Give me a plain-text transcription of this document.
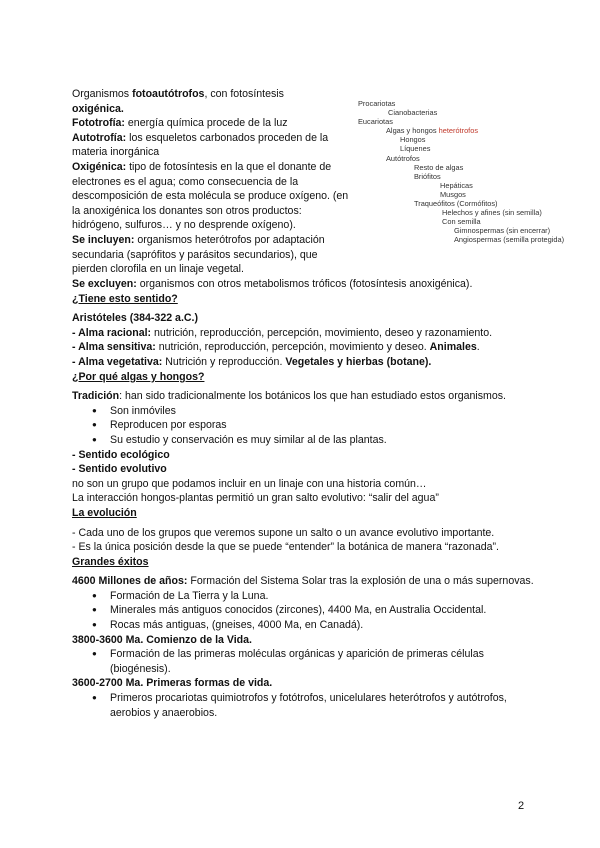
Organismos fotoautótrofos, con fotosíntesis

oxigénica.

Fototrofía: energía química procede de la luz

Autotrofía: los esqueletos carbonados proceden de la materia inorgánica

Oxigénica: tipo de fotosíntesis en la que el donante de electrones es el agua; como consecuencia de la descomposición de esta molécula se produce oxígeno. (en la anoxigénica los donantes son otros productos: hidrógeno, sulfuros… y no desprende oxígeno).

Se incluyen: organismos heterótrofos por adaptación secundaria (saprófitos y parásitos secundarios), que pierden clorofila en un linaje vegetal.

Procariotas
Cianobacterias
Eucariotas
Algas y hongos heterótrofos
Hongos
Líquenes
Autótrofos
Resto de algas
Briófitos
Hepáticas
Musgos
Traqueófitos (Cormófitos)
Helechos y afines (sin semilla)
Con semilla
Gimnospermas (sin encerrar)
Angiospermas (semilla protegida)

Se excluyen: organismos con otros metabolismos tróficos (fotosíntesis anoxigénica).

¿Tiene esto sentido?

Aristóteles (384-322 a.C.)

- Alma racional: nutrición, reproducción, percepción, movimiento, deseo y razonamiento.

- Alma sensitiva: nutrición, reproducción, percepción, movimiento y deseo. Animales.

- Alma vegetativa: Nutrición y reproducción. Vegetales y hierbas (botane).

¿Por qué algas y hongos?

Tradición: han sido tradicionalmente los botánicos los que han estudiado estos organismos.

● Son inmóviles
● Reproducen por esporas
● Su estudio y conservación es muy similar al de las plantas.

- Sentido ecológico

- Sentido evolutivo

no son un grupo que podamos incluir en un linaje con una historia común…

La interacción hongos-plantas permitió un gran salto evolutivo: “salir del agua”

La evolución

- Cada uno de los grupos que veremos supone un salto o un avance evolutivo importante.

- Es la única posición desde la que se puede “entender” la botánica de manera “razonada”.

Grandes éxitos

4600 Millones de años: Formación del Sistema Solar tras la explosión de una o más supernovas.

● Formación de La Tierra y la Luna.
● Minerales más antiguos conocidos (zircones), 4400 Ma, en Australia Occidental.
● Rocas más antiguas, (gneises, 4000 Ma, en Canadá).

3800-3600 Ma. Comienzo de la Vida.

● Formación de las primeras moléculas orgánicas y aparición de primeras células (biogénesis).

3600-2700 Ma. Primeras formas de vida.

● Primeros procariotas quimiotrofos y fotótrofos, unicelulares heterótrofos y autótrofos, aerobios y anaerobios.
2
